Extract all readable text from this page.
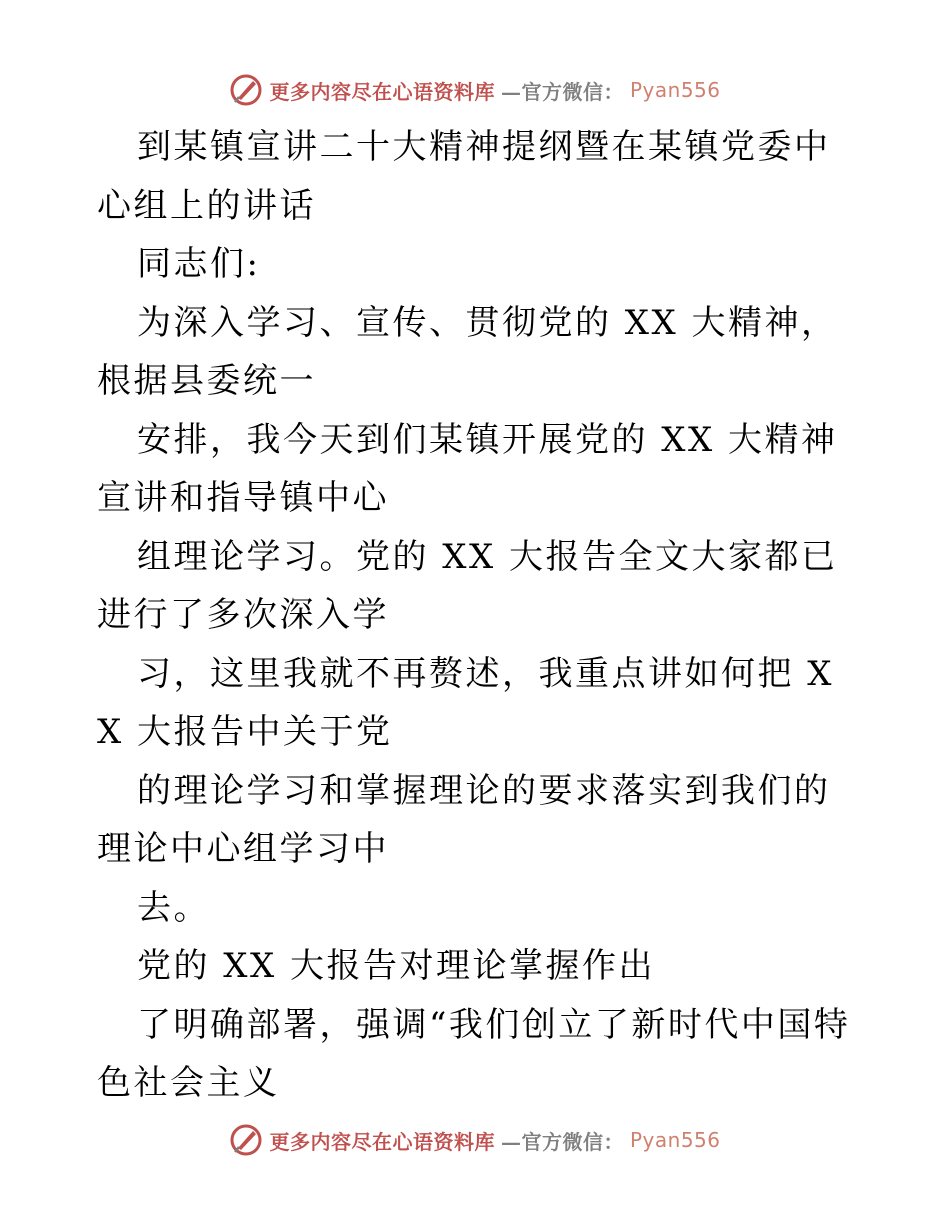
更多内容尽在心语资料库 —官方微信： Pyan556

到某镇宣讲二十大精神提纲暨在某镇党委中心组上的讲话

同志们:

为深入学习、宣传、贯彻党的 XX 大精神，根据县委统一

安排，我今天到们某镇开展党的 XX 大精神宣讲和指导镇中心

组理论学习。党的 XX 大报告全文大家都已进行了多次深入学

习，这里我就不再赘述，我重点讲如何把 XX 大报告中关于党

的理论学习和掌握理论的要求落实到我们的理论中心组学习中

去。

党的 XX 大报告对理论掌握作出

了明确部署，强调“我们创立了新时代中国特色社会主义

更多内容尽在心语资料库 —官方微信： Pyan556
